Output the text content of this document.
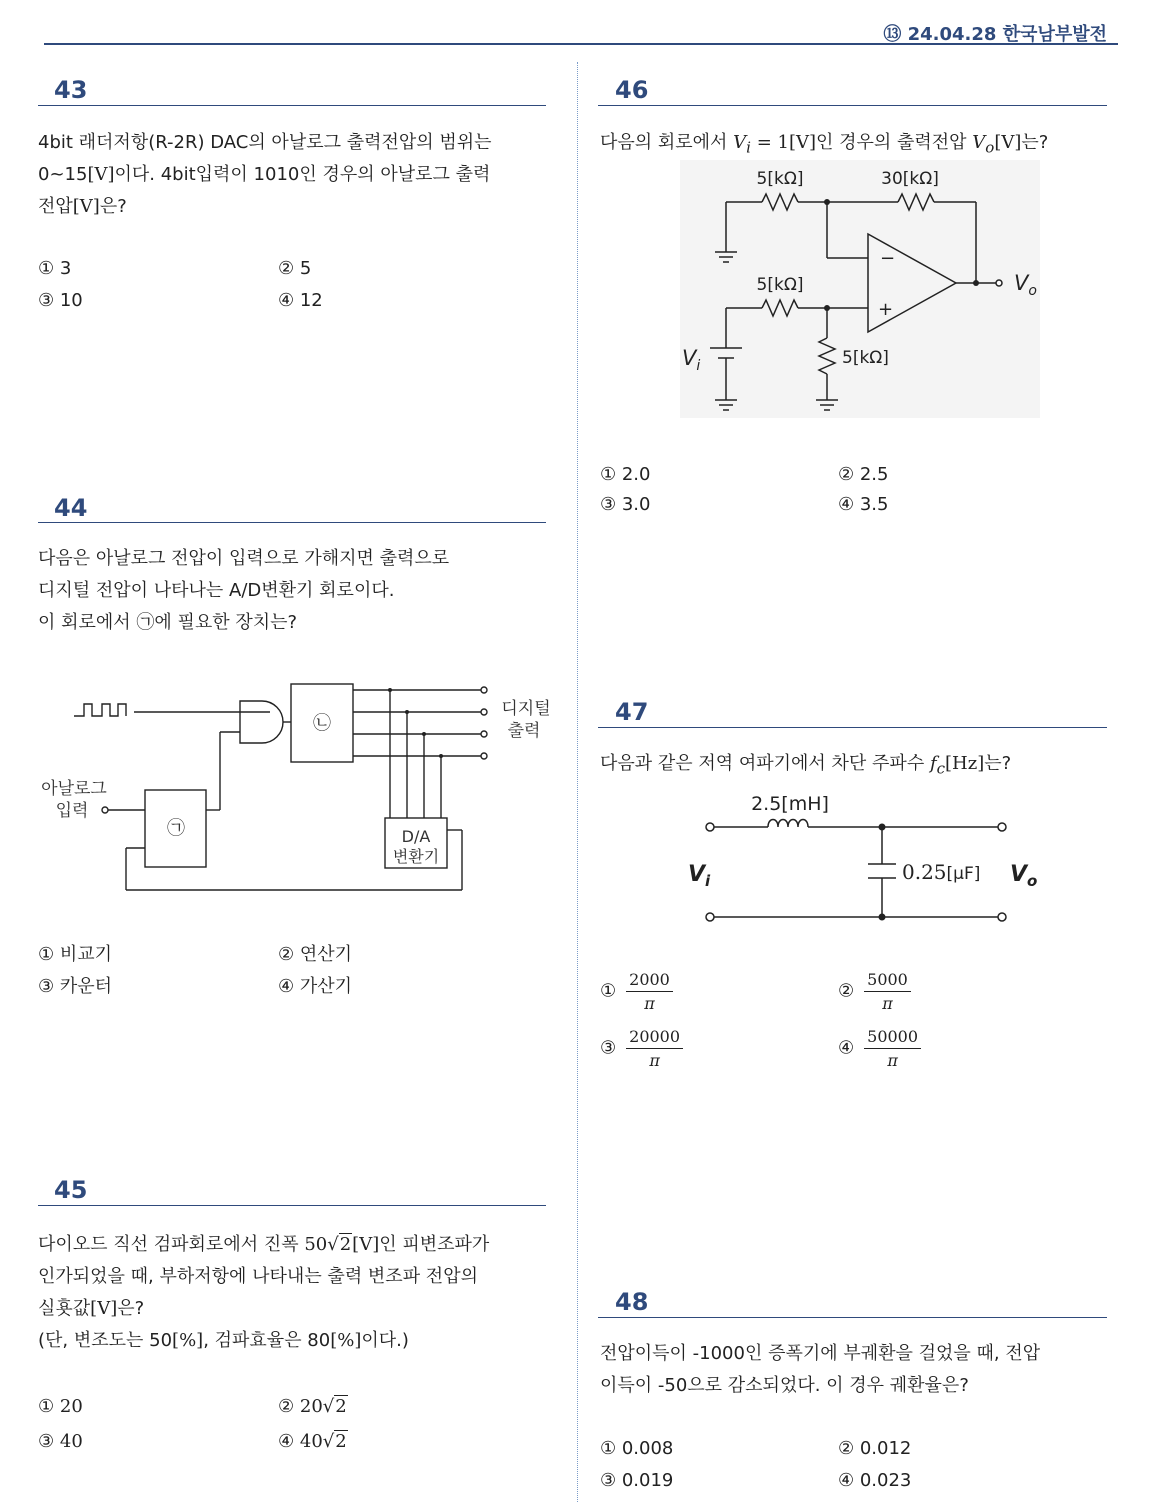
⑬ 24.04.28 한국남부발전
43

4bit 래더저항(R-2R) DAC의 아날로그 출력전압의 범위는

0~15[V]이다. 4bit입력이 1010인 경우의 아날로그 출력

전압[V]은?

① 3	② 5
③ 10	④ 12
44

다음은 아날로그 전압이 입력으로 가해지면 출력으로

디지털 전압이 나타나는 A/D변환기 회로이다.

이 회로에서 ㉠에 필요한 장치는?

디지털
출력
아날로그
입력
㉠
㉡
D/A
변환기
① 비교기	② 연산기
③ 카운터	④ 가산기
45

다이오드 직선 검파회로에서 진폭 50√2[V]인 피변조파가

인가되었을 때, 부하저항에 나타내는 출력 변조파 전압의

실횻값[V]은?

(단, 변조도는 50[%], 검파효율은 80[%]이다.)

① 20	② 20√2
③ 40	④ 40√2
46

다음의 회로에서 $V_i = 1[V]$인 경우의 출력전압 $V_o[V]$는?

5[kΩ]	30[kΩ]
5[kΩ]
5[kΩ]
−
+
$V_i$
$V_o$
① 2.0	② 2.5
③ 3.0	④ 3.5
47

다음과 같은 저역 여파기에서 차단 주파수 $f_c[Hz]$는?

2.5[mH]
0.25[μF]
$V_i$	$V_o$
① $\frac{2000}{\pi}$	② $\frac{5000}{\pi}$
③ $\frac{20000}{\pi}$	④ $\frac{50000}{\pi}$
48

전압이득이 -1000인 증폭기에 부궤환을 걸었을 때, 전압

이득이 -50으로 감소되었다. 이 경우 궤환율은?

① 0.008	② 0.012
③ 0.019	④ 0.023
